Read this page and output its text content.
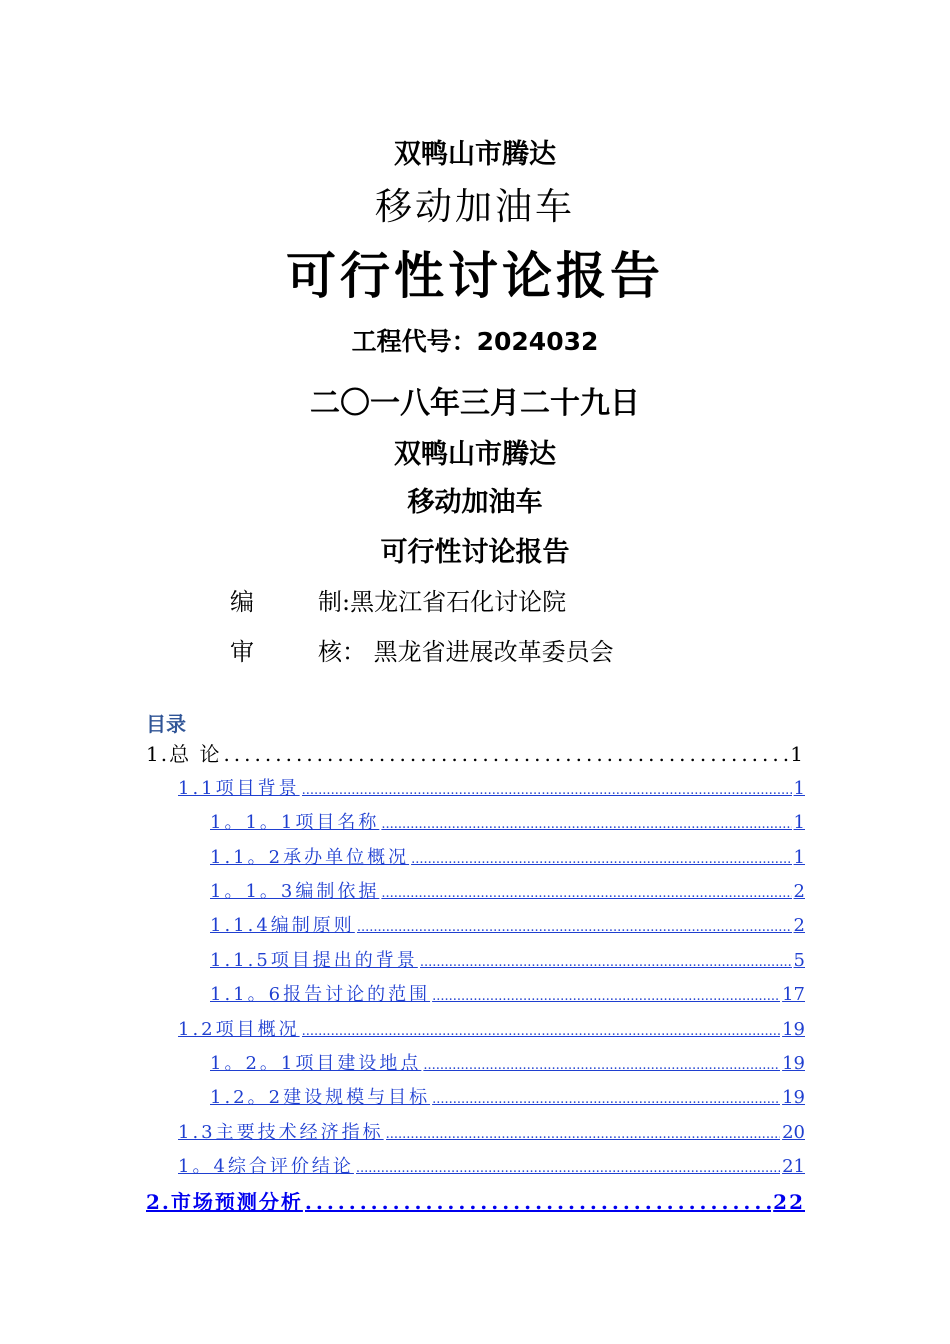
双鸭山市腾达
移动加油车
可行性讨论报告
工程代号：2024032
二〇一八年三月二十九日
双鸭山市腾达
移动加油车
可行性讨论报告
编	制:黑龙江省石化讨论院
审	核： 黑龙省进展改革委员会
目录
1.总 论 .....	1
1.1项目背景 .....	1
1。1。1项目名称 .....	1
1.1。2承办单位概况 .....	1
1。1。3编制依据 .....	2
1.1.4编制原则 .....	2
1.1.5项目提出的背景 .....	5
1.1。6报告讨论的范围 .....	17
1.2项目概况 .....	19
1。2。1项目建设地点 .....	19
1.2。2建设规模与目标 .....	19
1.3主要技术经济指标 .....	20
1。4综合评价结论 .....	21
2.市场预测分析 .....	22
